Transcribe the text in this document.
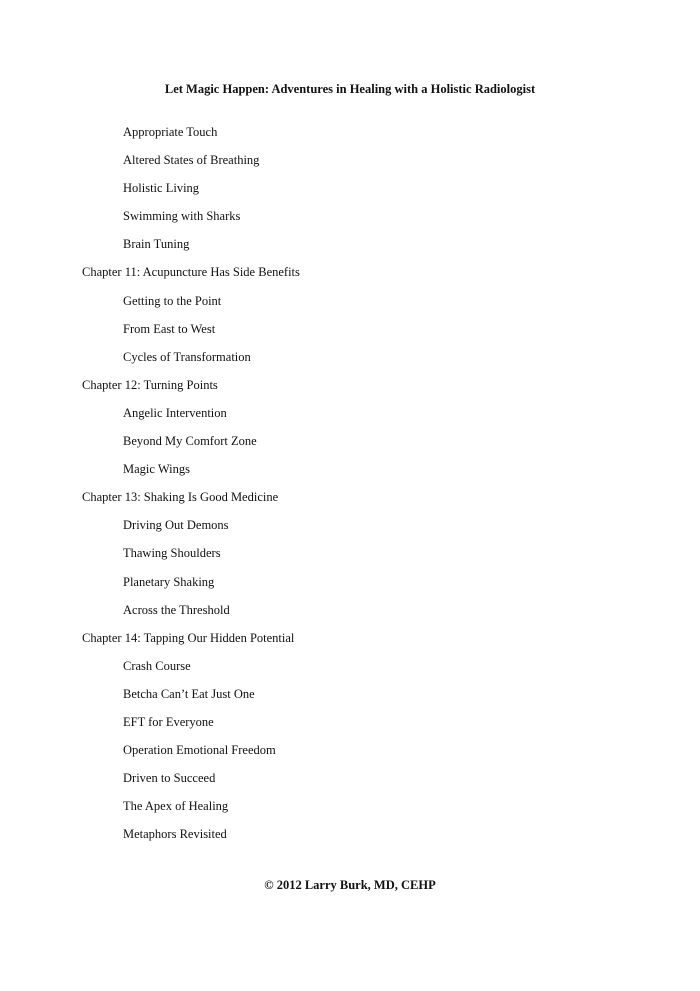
Let Magic Happen: Adventures in Healing with a Holistic Radiologist
Appropriate Touch
Altered States of Breathing
Holistic Living
Swimming with Sharks
Brain Tuning
Chapter 11: Acupuncture Has Side Benefits
Getting to the Point
From East to West
Cycles of Transformation
Chapter 12: Turning Points
Angelic Intervention
Beyond My Comfort Zone
Magic Wings
Chapter 13: Shaking Is Good Medicine
Driving Out Demons
Thawing Shoulders
Planetary Shaking
Across the Threshold
Chapter 14: Tapping Our Hidden Potential
Crash Course
Betcha Can’t Eat Just One
EFT for Everyone
Operation Emotional Freedom
Driven to Succeed
The Apex of Healing
Metaphors Revisited
© 2012 Larry Burk, MD, CEHP
